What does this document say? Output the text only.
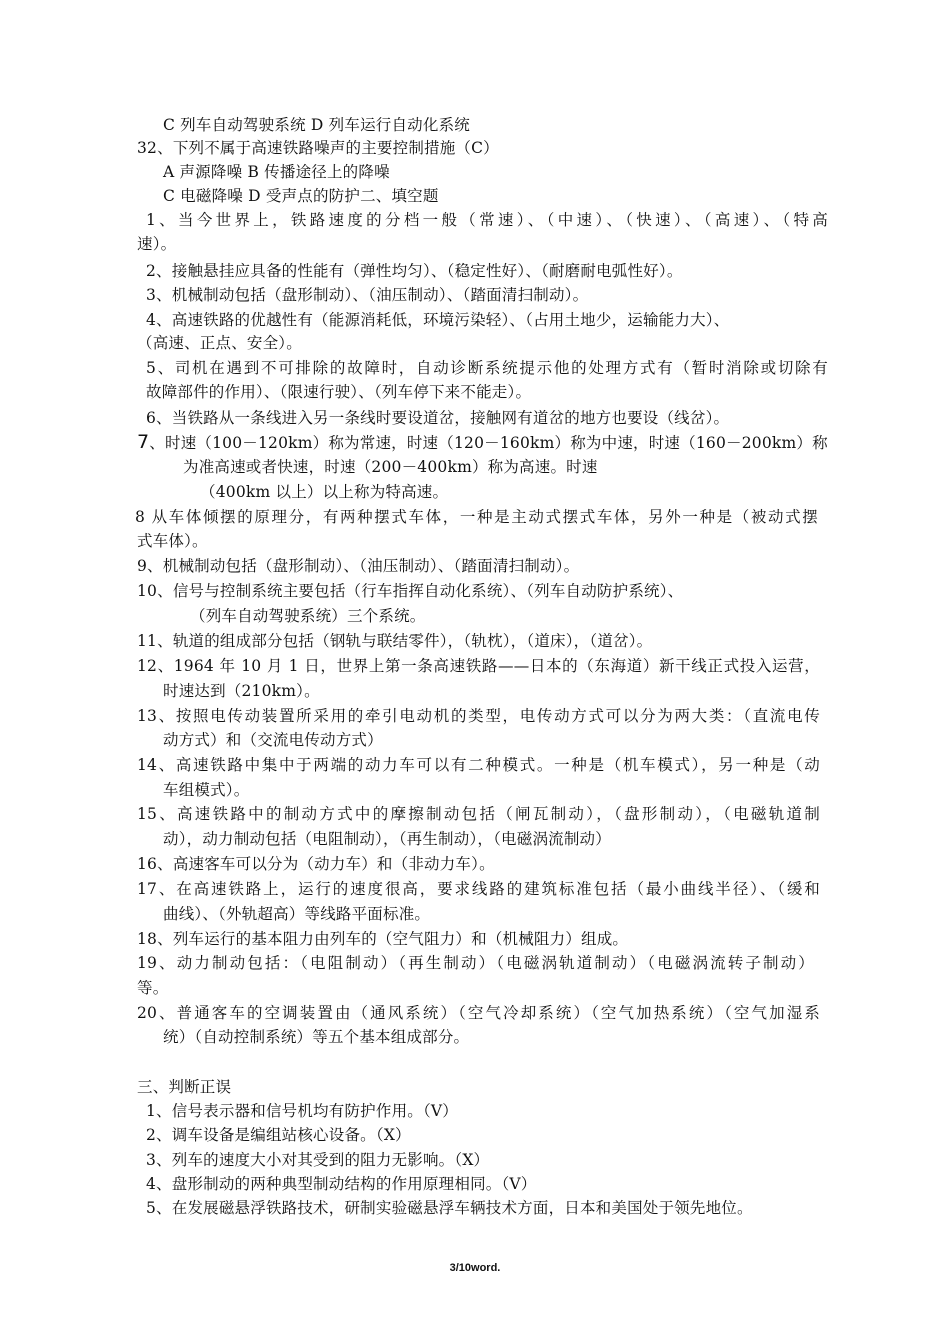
C 列车自动驾驶系统 D 列车运行自动化系统
32、下列不属于高速铁路噪声的主要控制措施（C）
A 声源降噪 B 传播途径上的降噪
C 电磁降噪 D 受声点的防护二、填空题
1、当今世界上，铁路速度的分档一般（常速）、（中速）、（快速）、（高速）、（特高
速）。
2、接触悬挂应具备的性能有（弹性均匀）、（稳定性好）、（耐磨耐电弧性好）。
3、机械制动包括（盘形制动）、（油压制动）、（踏面清扫制动）。
4、高速铁路的优越性有（能源消耗低，环境污染轻）、（占用土地少，运输能力大）、
（高速、正点、安全）。
5、司机在遇到不可排除的故障时，自动诊断系统提示他的处理方式有（暂时消除或切除有
故障部件的作用）、（限速行驶）、（列车停下来不能走）。
6、当铁路从一条线进入另一条线时要设道岔，接触网有道岔的地方也要设（线岔）。
7、时速（100－120km）称为常速，时速（120－160km）称为中速，时速（160－200km）称
为准高速或者快速，时速（200－400km）称为高速。时速
（400km 以上）以上称为特高速。
8 从车体倾摆的原理分，有两种摆式车体，一种是主动式摆式车体，另外一种是（被动式摆
式车体）。
9、机械制动包括（盘形制动）、（油压制动）、（踏面清扫制动）。
10、信号与控制系统主要包括（行车指挥自动化系统）、（列车自动防护系统）、
（列车自动驾驶系统）三个系统。
11、轨道的组成部分包括（钢轨与联结零件），（轨枕），（道床），（道岔）。
12、1964 年 10 月 1 日，世界上第一条高速铁路——日本的（东海道）新干线正式投入运营，
时速达到（210km）。
13、按照电传动装置所采用的牵引电动机的类型，电传动方式可以分为两大类：（直流电传
动方式）和（交流电传动方式）
14、高速铁路中集中于两端的动力车可以有二种模式。一种是（机车模式），另一种是（动
车组模式）。
15、高速铁路中的制动方式中的摩擦制动包括（闸瓦制动），（盘形制动），（电磁轨道制
动），动力制动包括（电阻制动），（再生制动），（电磁涡流制动）
16、高速客车可以分为（动力车）和（非动力车）。
17、在高速铁路上，运行的速度很高，要求线路的建筑标准包括（最小曲线半径）、（缓和
曲线）、（外轨超高）等线路平面标准。
18、列车运行的基本阻力由列车的（空气阻力）和（机械阻力）组成。
19、动力制动包括：（电阻制动）（再生制动）（电磁涡轨道制动）（电磁涡流转子制动）
等。
20、普通客车的空调装置由（通风系统）（空气冷却系统）（空气加热系统）（空气加湿系
统）（自动控制系统）等五个基本组成部分。
三、判断正误
1、信号表示器和信号机均有防护作用。（V）
2、调车设备是编组站核心设备。（X）
3、列车的速度大小对其受到的阻力无影响。（X）
4、盘形制动的两种典型制动结构的作用原理相同。（V）
5、在发展磁悬浮铁路技术，研制实验磁悬浮车辆技术方面，日本和美国处于领先地位。
3/10word.
